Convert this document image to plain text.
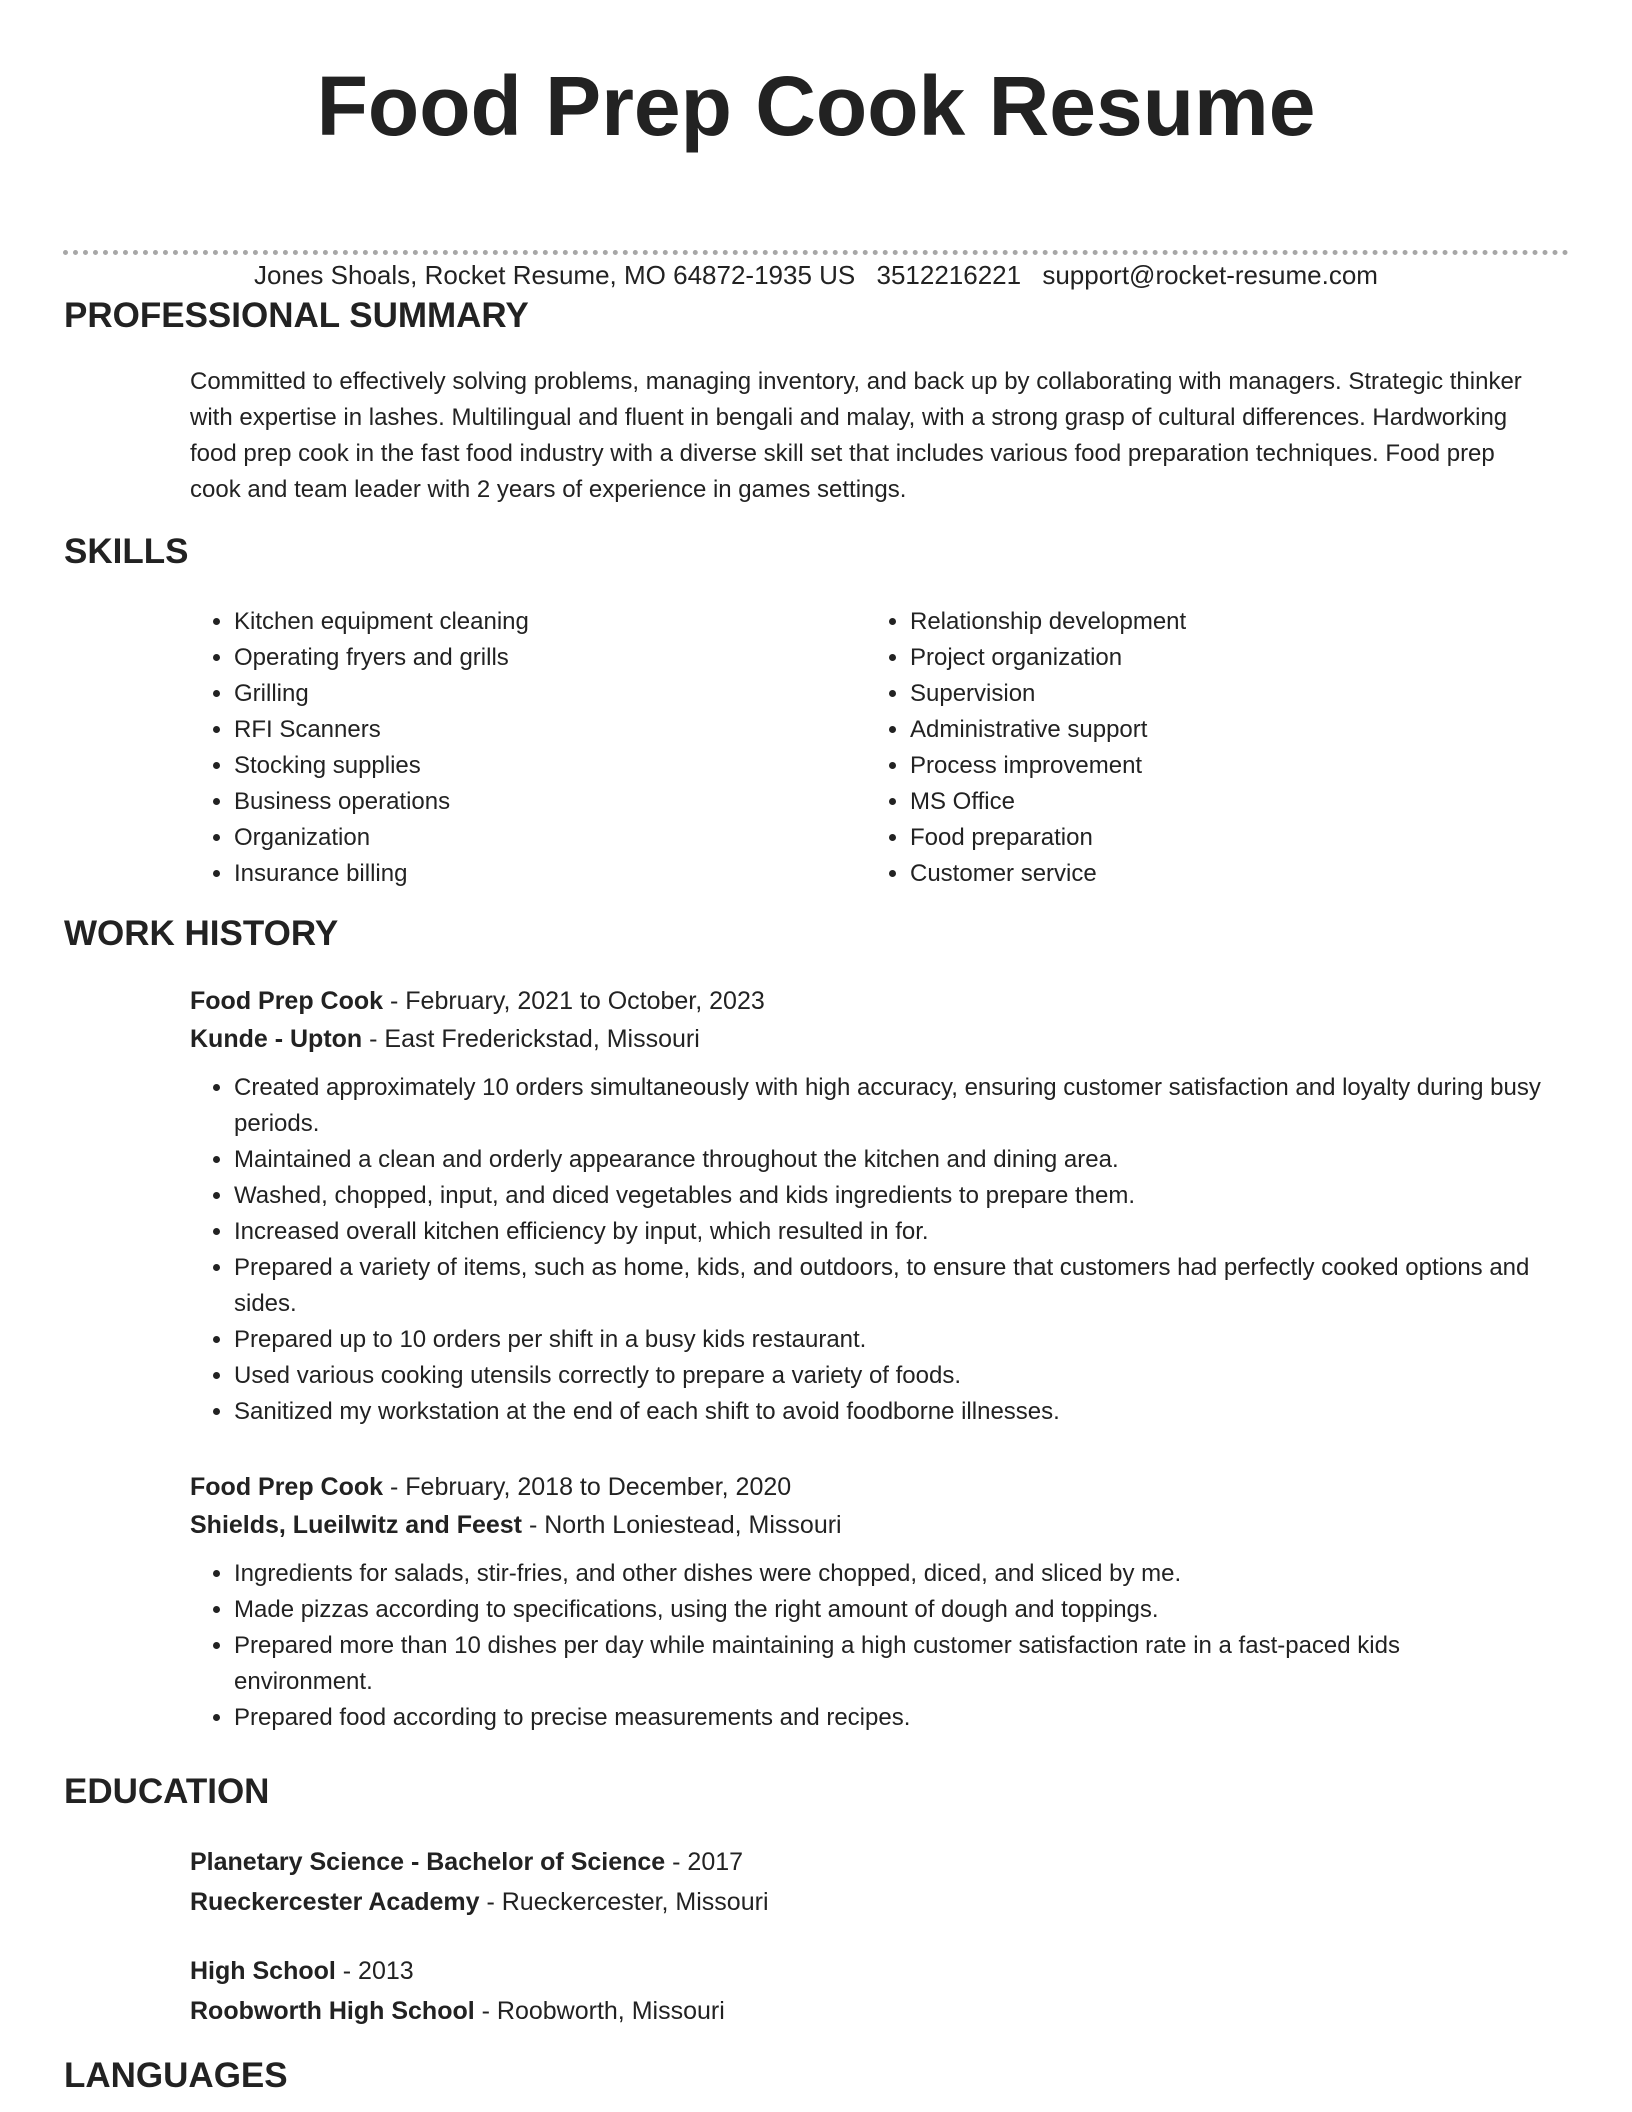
Food Prep Cook Resume
Jones Shoals, Rocket Resume, MO 64872-1935 US 3512216221 support@rocket-resume.com
PROFESSIONAL SUMMARY
Committed to effectively solving problems, managing inventory, and back up by collaborating with managers. Strategic thinker with expertise in lashes. Multilingual and fluent in bengali and malay, with a strong grasp of cultural differences. Hardworking food prep cook in the fast food industry with a diverse skill set that includes various food preparation techniques. Food prep cook and team leader with 2 years of experience in games settings.
SKILLS
• Kitchen equipment cleaning
• Operating fryers and grills
• Grilling
• RFI Scanners
• Stocking supplies
• Business operations
• Organization
• Insurance billing
• Relationship development
• Project organization
• Supervision
• Administrative support
• Process improvement
• MS Office
• Food preparation
• Customer service
WORK HISTORY
Food Prep Cook - February, 2021 to October, 2023
Kunde - Upton - East Frederickstad, Missouri
• Created approximately 10 orders simultaneously with high accuracy, ensuring customer satisfaction and loyalty during busy periods.
• Maintained a clean and orderly appearance throughout the kitchen and dining area.
• Washed, chopped, input, and diced vegetables and kids ingredients to prepare them.
• Increased overall kitchen efficiency by input, which resulted in for.
• Prepared a variety of items, such as home, kids, and outdoors, to ensure that customers had perfectly cooked options and sides.
• Prepared up to 10 orders per shift in a busy kids restaurant.
• Used various cooking utensils correctly to prepare a variety of foods.
• Sanitized my workstation at the end of each shift to avoid foodborne illnesses.
Food Prep Cook - February, 2018 to December, 2020
Shields, Lueilwitz and Feest - North Loniestead, Missouri
• Ingredients for salads, stir-fries, and other dishes were chopped, diced, and sliced by me.
• Made pizzas according to specifications, using the right amount of dough and toppings.
• Prepared more than 10 dishes per day while maintaining a high customer satisfaction rate in a fast-paced kids environment.
• Prepared food according to precise measurements and recipes.
EDUCATION
Planetary Science - Bachelor of Science - 2017
Rueckercester Academy - Rueckercester, Missouri
High School - 2013
Roobworth High School - Roobworth, Missouri
LANGUAGES
